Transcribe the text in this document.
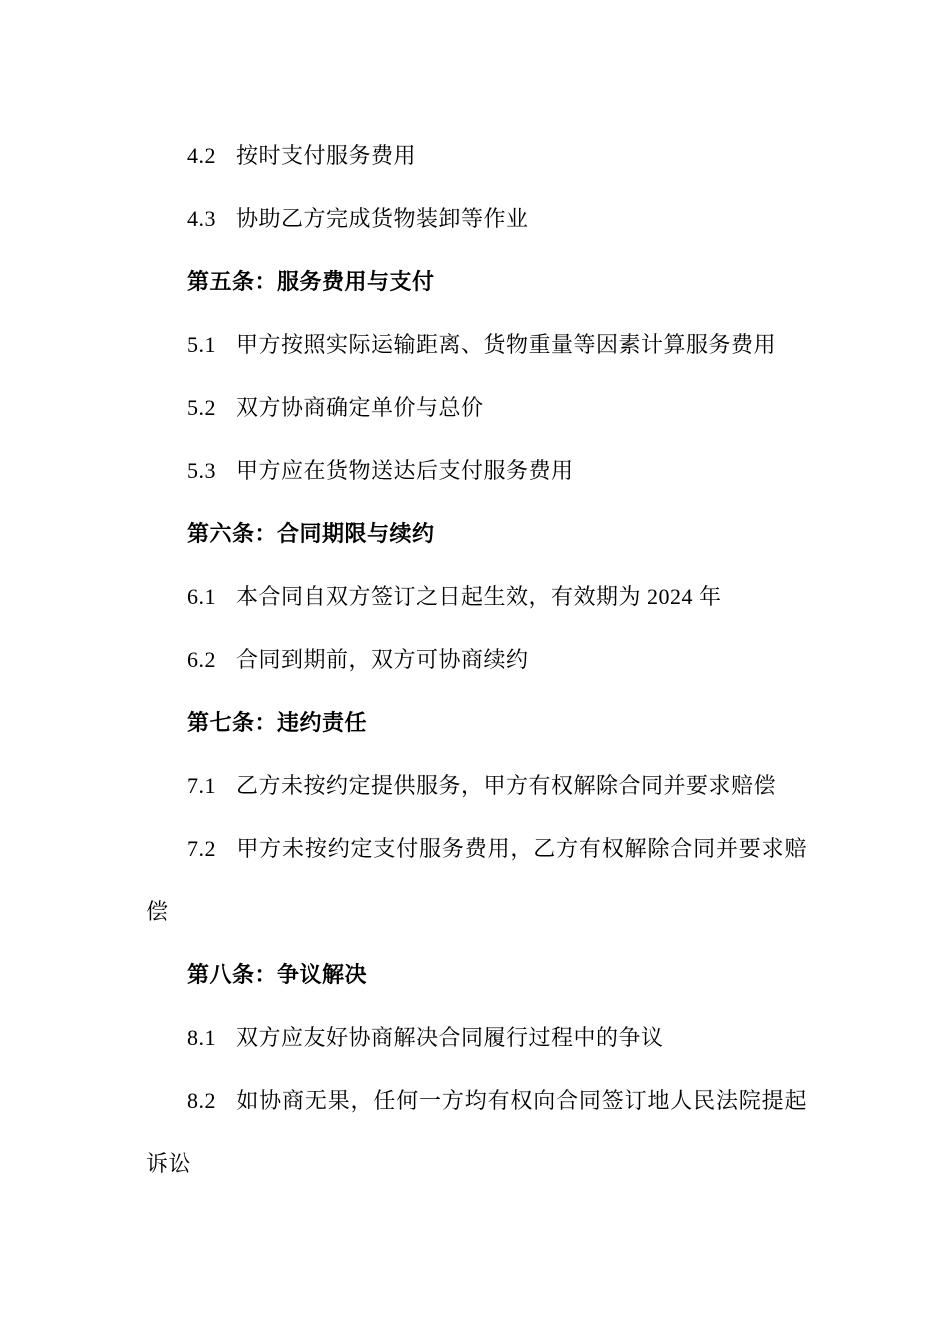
4.2 按时支付服务费用

4.3 协助乙方完成货物装卸等作业

第五条：服务费用与支付

5.1 甲方按照实际运输距离、货物重量等因素计算服务费用

5.2 双方协商确定单价与总价

5.3 甲方应在货物送达后支付服务费用

第六条：合同期限与续约

6.1 本合同自双方签订之日起生效，有效期为 2024 年

6.2 合同到期前，双方可协商续约

第七条：违约责任

7.1 乙方未按约定提供服务，甲方有权解除合同并要求赔偿

7.2 甲方未按约定支付服务费用，乙方有权解除合同并要求赔偿

第八条：争议解决

8.1 双方应友好协商解决合同履行过程中的争议

8.2 如协商无果，任何一方均有权向合同签订地人民法院提起诉讼
